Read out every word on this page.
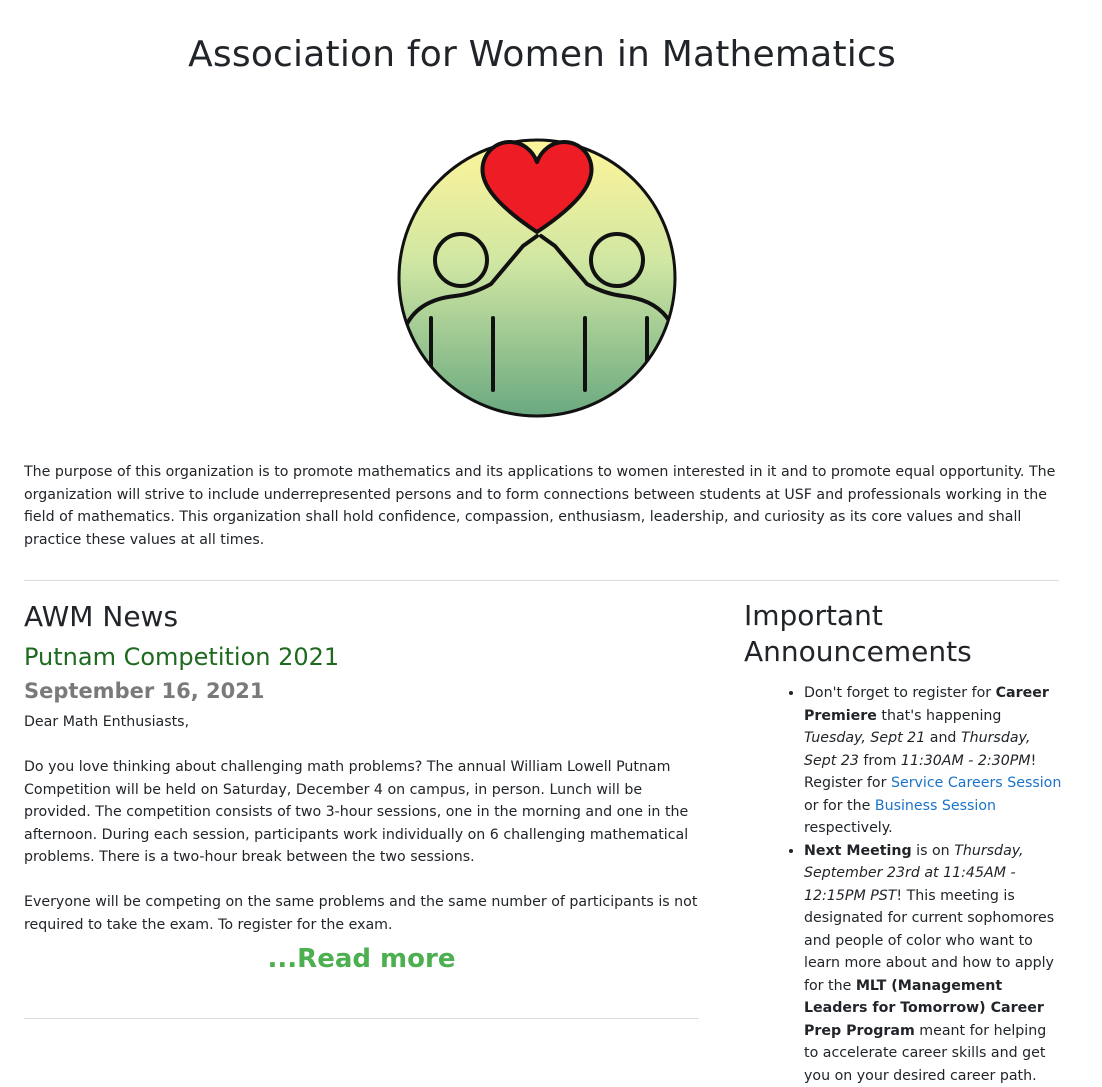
Association for Women in Mathematics

The purpose of this organization is to promote mathematics and its applications to women interested in it and to promote equal opportunity. The organization will strive to include underrepresented persons and to form connections between students at USF and professionals working in the field of mathematics. This organization shall hold confidence, compassion, enthusiasm, leadership, and curiosity as its core values and shall practice these values at all times.

AWM News
Putnam Competition 2021
September 16, 2021

Dear Math Enthusiasts,

Do you love thinking about challenging math problems? The annual William Lowell Putnam Competition will be held on Saturday, December 4 on campus, in person. Lunch will be provided. The competition consists of two 3-hour sessions, one in the morning and one in the afternoon. During each session, participants work individually on 6 challenging mathematical problems. There is a two-hour break between the two sessions.

Everyone will be competing on the same problems and the same number of participants is not required to take the exam. To register for the exam.

...Read more
Important
Announcements
• Don't forget to register for Career Premiere that's happening Tuesday, Sept 21 and Thursday, Sept 23 from 11:30AM - 2:30PM! Register for Service Careers Session or for the Business Session respectively.
• Next Meeting is on Thursday, September 23rd at 11:45AM - 12:15PM PST! This meeting is designated for current sophomores and people of color who want to learn more about and how to apply for the MLT (Management Leaders for Tomorrow) Career Prep Program meant for helping to accelerate career skills and get you on your desired career path.
